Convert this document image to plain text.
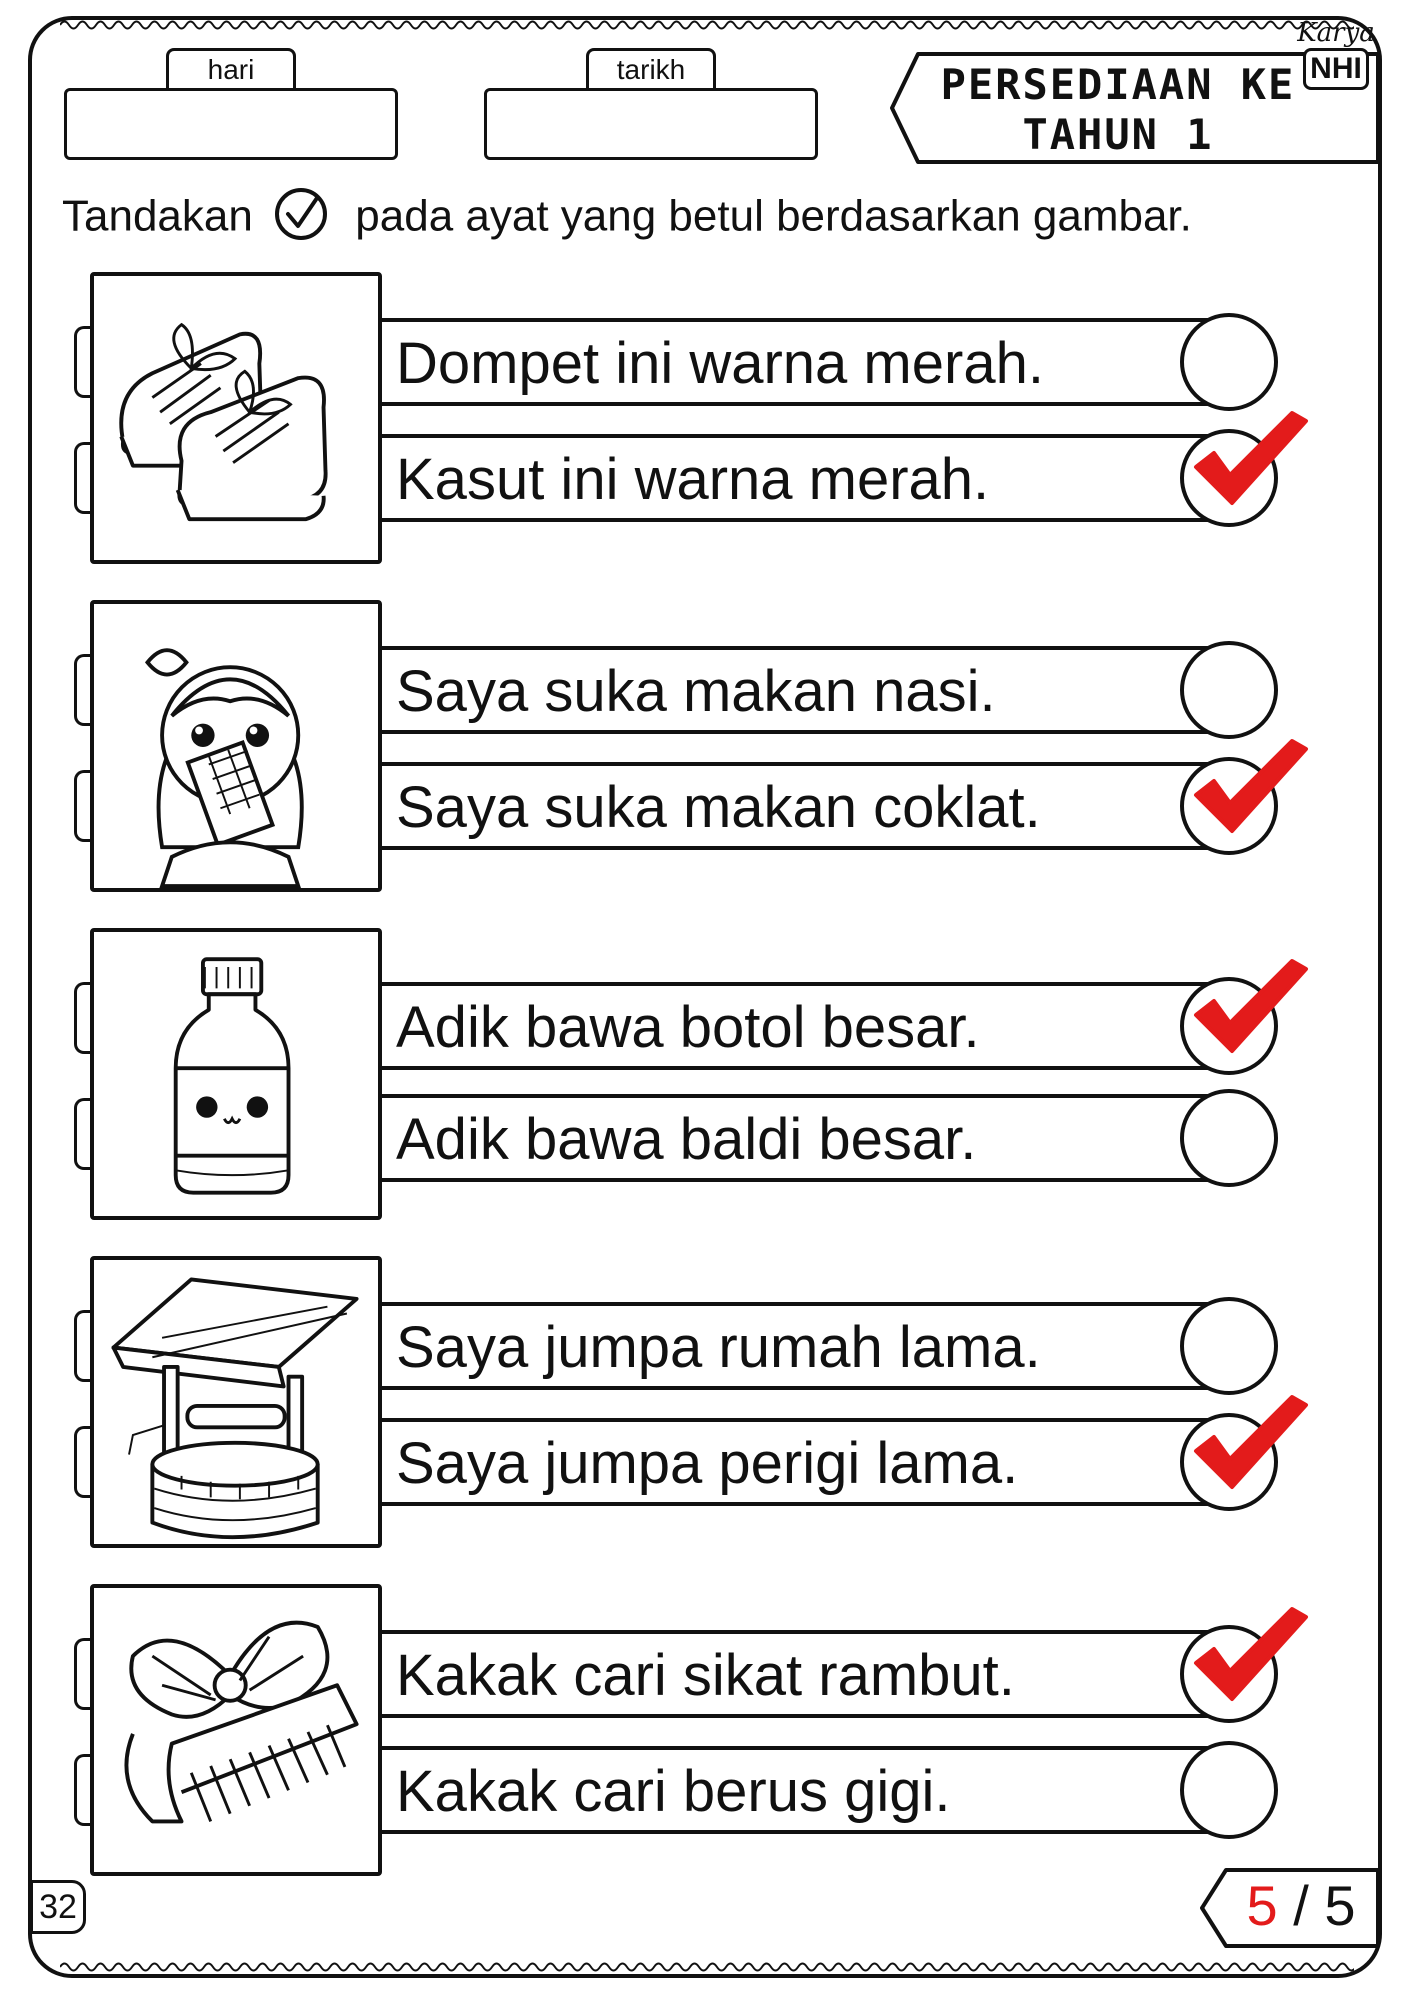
hari	tarikh	PERSEDIAAN KE
TAHUN 1
Karya
NHI
Tandakan pada ayat yang betul berdasarkan gambar.
Dompet ini warna merah.
Kasut ini warna merah.
Saya suka makan nasi.
Saya suka makan coklat.
Adik bawa botol besar.
Adik bawa baldi besar.
Saya jumpa rumah lama.
Saya jumpa perigi lama.
Kakak cari sikat rambut.
Kakak cari berus gigi.
32	5 / 5
